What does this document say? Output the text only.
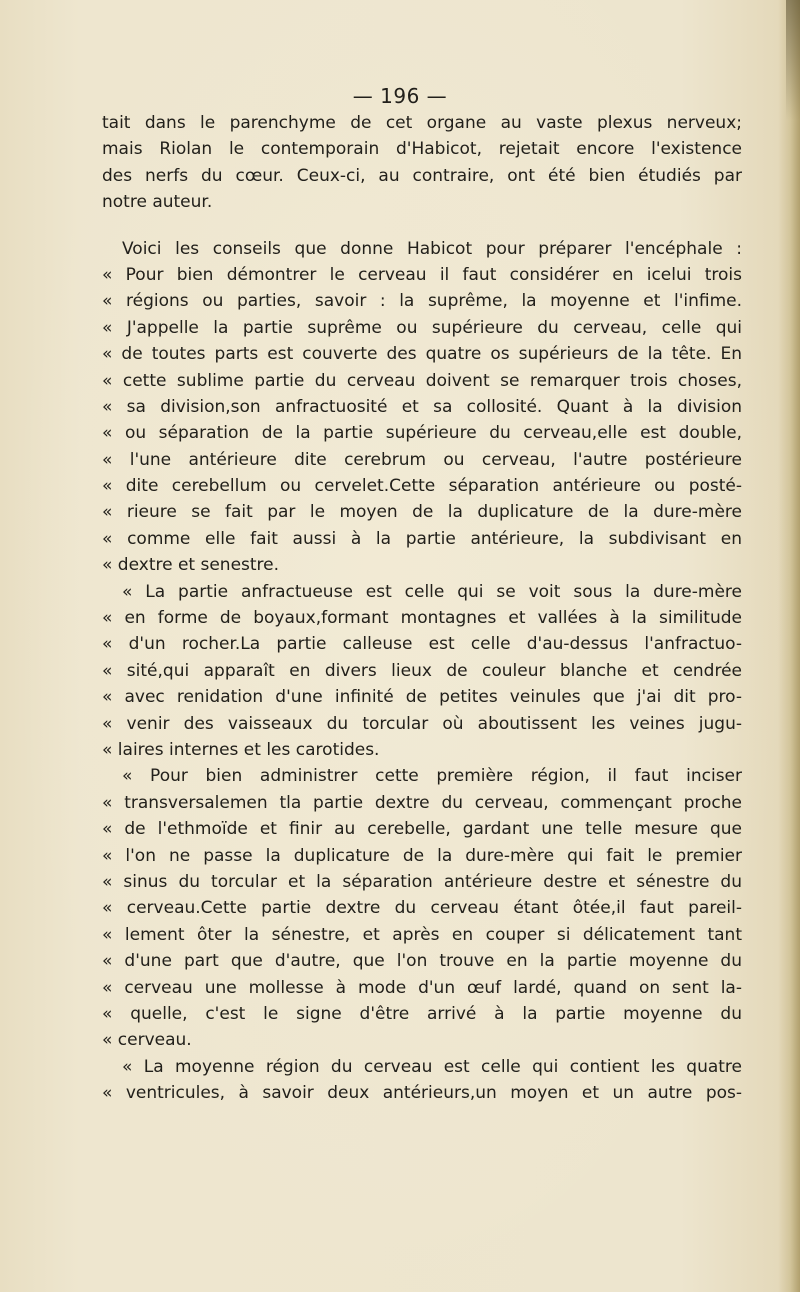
— 196 —
tait dans le parenchyme de cet organe au vaste plexus nerveux;
mais Riolan le contemporain d'Habicot, rejetait encore l'existence
des nerfs du cœur. Ceux-ci, au contraire, ont été bien étudiés par
notre auteur.
Voici les conseils que donne Habicot pour préparer l'encéphale :
« Pour bien démontrer le cerveau il faut considérer en icelui trois
« régions ou parties, savoir : la suprême, la moyenne et l'infime.
« J'appelle la partie suprême ou supérieure du cerveau, celle qui
« de toutes parts est couverte des quatre os supérieurs de la tête. En
« cette sublime partie du cerveau doivent se remarquer trois choses,
« sa division,son anfractuosité et sa collosité. Quant à la division
« ou séparation de la partie supérieure du cerveau,elle est double,
« l'une antérieure dite cerebrum ou cerveau, l'autre postérieure
« dite cerebellum ou cervelet.Cette séparation antérieure ou posté-
« rieure se fait par le moyen de la duplicature de la dure-mère
« comme elle fait aussi à la partie antérieure, la subdivisant en
« dextre et senestre.
« La partie anfractueuse est celle qui se voit sous la dure-mère
« en forme de boyaux,formant montagnes et vallées à la similitude
« d'un rocher.La partie calleuse est celle d'au-dessus l'anfractuo-
« sité,qui apparaît en divers lieux de couleur blanche et cendrée
« avec renidation d'une infinité de petites veinules que j'ai dit pro-
« venir des vaisseaux du torcular où aboutissent les veines jugu-
« laires internes et les carotides.
« Pour bien administrer cette première région, il faut inciser
« transversalemen tla partie dextre du cerveau, commençant proche
« de l'ethmoïde et finir au cerebelle, gardant une telle mesure que
« l'on ne passe la duplicature de la dure-mère qui fait le premier
« sinus du torcular et la séparation antérieure destre et sénestre du
« cerveau.Cette partie dextre du cerveau étant ôtée,il faut pareil-
« lement ôter la sénestre, et après en couper si délicatement tant
« d'une part que d'autre, que l'on trouve en la partie moyenne du
« cerveau une mollesse à mode d'un œuf lardé, quand on sent la-
« quelle, c'est le signe d'être arrivé à la partie moyenne du
« cerveau.
« La moyenne région du cerveau est celle qui contient les quatre
« ventricules, à savoir deux antérieurs,un moyen et un autre pos-
